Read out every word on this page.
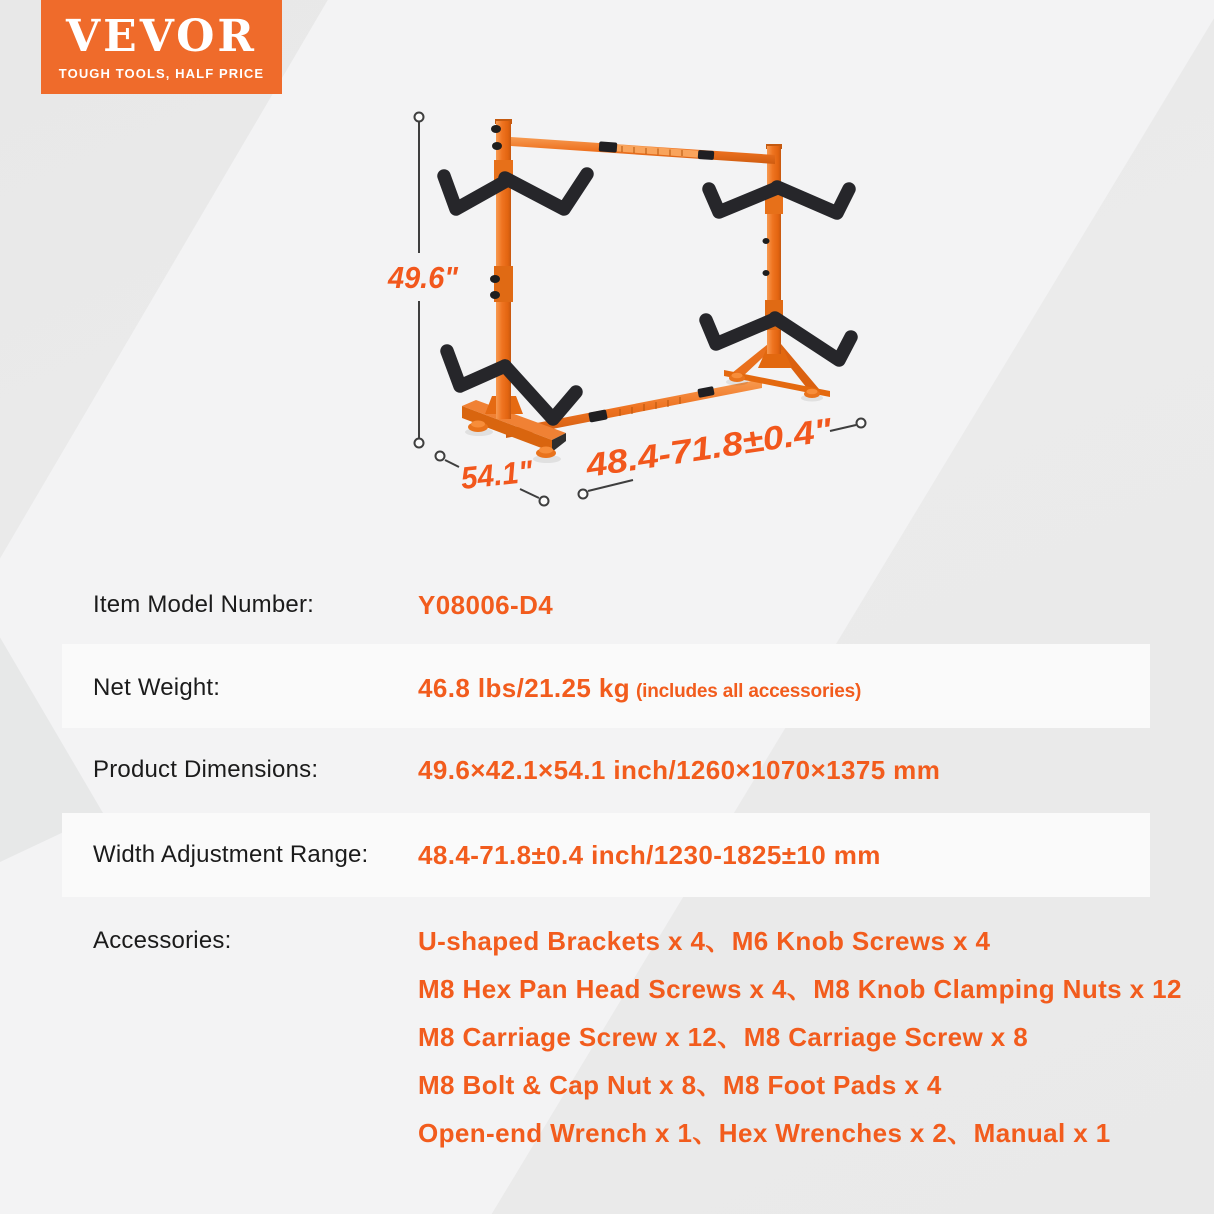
VEVOR
TOUGH TOOLS, HALF PRICE
49.6"
54.1" 48.4-71.8±0.4"
Item Model Number:	Y08006-D4
Net Weight:	46.8 lbs/21.25 kg (includes all accessories)
Product Dimensions:	49.6×42.1×54.1 inch/1260×1070×1375 mm
Width Adjustment Range: 48.4-71.8±0.4 inch/1230-1825±10 mm
Accessories:	U-shaped Brackets x 4、M6 Knob Screws x 4
M8 Hex Pan Head Screws x 4、M8 Knob Clamping Nuts x 12
M8 Carriage Screw x 12、M8 Carriage Screw x 8
M8 Bolt & Cap Nut x 8、M8 Foot Pads x 4
Open-end Wrench x 1、Hex Wrenches x 2、Manual x 1
